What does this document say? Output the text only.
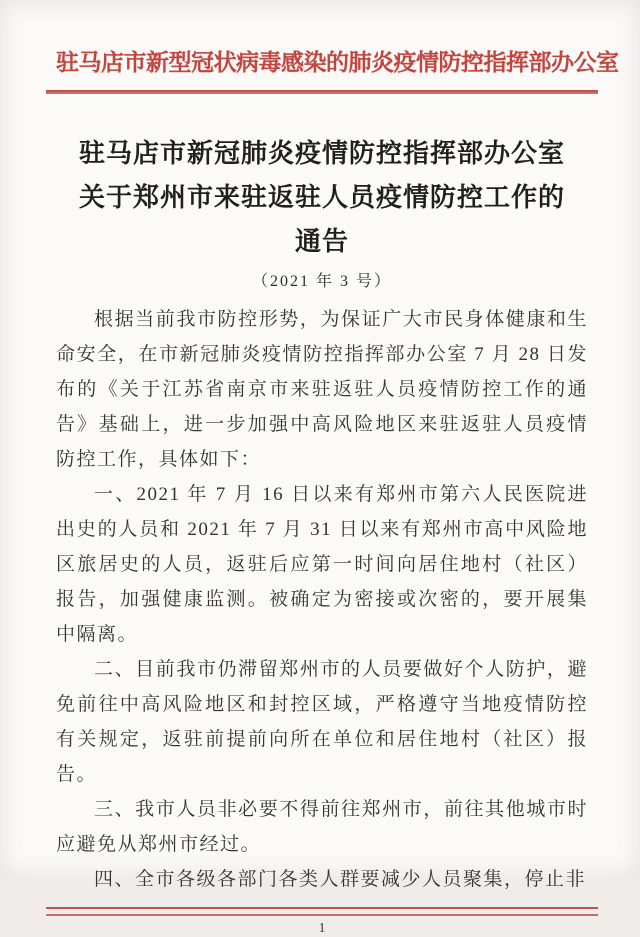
驻马店市新型冠状病毒感染的肺炎疫情防控指挥部办公室
驻马店市新冠肺炎疫情防控指挥部办公室
关于郑州市来驻返驻人员疫情防控工作的
通告
（2021 年 3 号）

根据当前我市防控形势，为保证广大市民身体健康和生命安全，在市新冠肺炎疫情防控指挥部办公室 7 月 28 日发布的《关于江苏省南京市来驻返驻人员疫情防控工作的通告》基础上，进一步加强中高风险地区来驻返驻人员疫情防控工作，具体如下：

一、2021 年 7 月 16 日以来有郑州市第六人民医院进出史的人员和 2021 年 7 月 31 日以来有郑州市高中风险地区旅居史的人员，返驻后应第一时间向居住地村（社区）报告，加强健康监测。被确定为密接或次密的，要开展集中隔离。

二、目前我市仍滞留郑州市的人员要做好个人防护，避免前往中高风险地区和封控区域，严格遵守当地疫情防控有关规定，返驻前提前向所在单位和居住地村（社区）报告。

三、我市人员非必要不得前往郑州市，前往其他城市时应避免从郑州市经过。

四、全市各级各部门各类人群要减少人员聚集，停止非

1
